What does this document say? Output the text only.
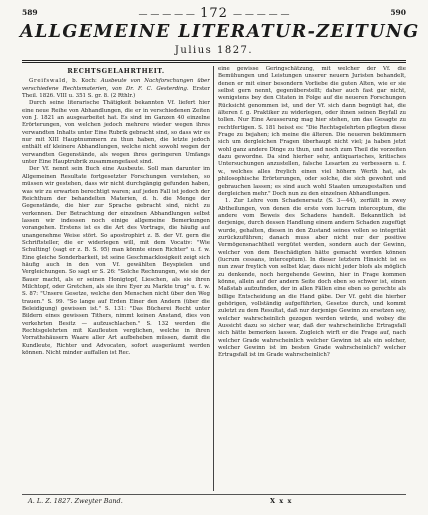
589	— — — — — 172 — — — — —	590
ALLGEMEINE LITERATUR-ZEITUNG
Julius 1827.
RECHTSGELAHRTHEIT.

Greifswald, b. Koch: Ausbeute von Nachforschungen über verschiedene Rechtsmaterien, von Dr. F. C. Gesterding. Erster Theil. 1826. VIII u. 351 S. gr. 8. (2 Rthlr.)

Durch seine literarische Thätigkeit bekannten Vf. liefert hier eine neue Reihe von Abhandlungen, die er in verschiedenen Zeiten von J. 1821 an ausgearbeitet hat. Es sind im Ganzen 40 einzelne Erörterungen, von welchen jedoch mehrere wieder wegen ihres verwandten Inhalts unter Eine Rubrik gebracht sind, so dass wir es nur mit XIII Hauptnummern zu thun haben, die letzte jedoch enthält elf kleinere Abhandlungen, welche nicht sowohl wegen der verwandten Gegenstände, als wegen ihres geringeren Umfangs unter Eine Hauptrubrik zusammengefasst sind.

Der Vf. nennt sein Buch eine Ausbeute. Soll man darunter im Allgemeinen Resultate fortgesetzter Forschungen verstehen, so müssen wir gestehen, dass wir nicht durchgängig gefunden haben, was wir zu erwarten berechtigt waren; auf jeden Fall ist jedoch der Reichthum der behandelten Materien, d. h. die Menge der Gegenstände, die hier zur Sprache gebracht sind, nicht zu verkennen. Der Betrachtung der einzelnen Abhandlungen selbst lassen wir indessen noch einige allgemeine Bemerkungen vorangehen. Erstens ist es die Art des Vortrags, die häufig auf unangenehme Weise stört. So apostrophirt z. B. der Vf. gern die Schriftsteller, die er widerlegen will, mit dem Vocativ: "Wie Schulting! (sagt er z. B. S. 95) man könnte einen Richter" u. f. w. Eine gleiche Sonderbarkeit, ist seine Geschmacklosigkeit zeigt sich häufig auch in den von Vf. gewählten Beyspielen und Vergleichungen. So sagt er S. 26: "Solche Rechnungen, wie sie der Bauer macht, als er seinen Honigtopf, Lieschen, als sie ihren Milchtopf, oder Gretchen, als sie ihre Eyer zu Markte trug" u. f. w. S. 87: "Unsere Gesetze, welche den Menschen nicht über den Weg trauen." S. 99. "So lange auf Erden Einer den Andern (über die Beleidigung) gewissen ist." S. 131: "Das Bücherei Recht unter Bildern eines gewissen Tithers, nimmt keinen Anstand, dies von verkehrten Besitz — aufzuschlachen." S. 132 werden die Rechtsgelehrten mit Kaufleuten verglichen, welche in ihren Vorrathshäusern Waare aller Art aufbeheben müssen, damit die Kundleute, Richter und Advocaten, sofort ausgeräumt werden können. Nicht minder auffallen ist Rec.

eine gewisse Geringschätzung, mit welcher der Vf. die Bemühungen und Leistungen unserer neuern Juristen behandelt, denen er mit einer besondern Vorliebe die guten Alten, wie er sie selbst gern nennt, gegenüberstellt; daher auch fast gar nicht, wenigstens bey den Citaten in Folge auf die neueren Forschungen Rücksicht genommen ist, und der Vf. sich dann begnügt hat, die älteren f. g. Praktiker zu widerlegen, oder ihnen seinen Beyfall zu tollen. Nur Eine Aeusserung mag hier stehen, um das Gesagte zu rechtfertigen. S. 181 heisst es: "Die Rechtsgelehrten pflegten diese Frage zu bejahen; ich meine die älteren. Die neueren bekümmern sich um dergleichen Fragen überhaupt nicht viel; ja haben jetzt wohl ganz andere Dinge zu thun, und noch zum Theil die vorzeiten dazu gewordne. Da sind hierher sehr, antiquarisches, kritisches Untersuchungen anzustellen, falsche Lesarten zu verbessern u. f. w., welches alles freylich einen viel höhern Werth hat, als philosophische Erörterungen, oder solche, die sich gewohnt und gebrauchen lassen; es sind auch wohl Staaten umzugestalten und dergleichen mehr." Doch nun zu den einzelnen Abhandlungen.

1. Zur Lehre vom Schadenersatz (S. 3—44), zerfällt in zwey Abtheilungen, von denen die erste vom lucrum interceptum, die andere vom Beweis des Schadens handelt. Bekanntlich ist derjenige, durch dessen Handlung einem andern Schaden zugefügt wurde, gehalten, diesen in den Zustand seines vollen so integritàt zurückzuführen; danach muss aber nicht nur der positive Vermögensnachtheil vergütet werden, sondern auch der Gewinn, welcher von dem Beschädigten hätte gemacht werden können (lucrum cessans, interceptum). In dieser letztern Hinsicht ist es nun zwar freylich von selbst klar, dass nicht jeder blofs als möglich zu denkende, noch hergehende Gewinn, hier in Frage kommen könne, allein auf der andern Seite doch eben so schwer ist, einen Maßstab aufzufinden, der in allen Fällen eine eben so gerechte als billige Entscheidung an die Hand gäbe. Der Vf. geht die hierher gehörigen, vollständig aufgeführten, Gesetze durch, und kommt zuletzt zu dem Resultat, daß nur derjenige Gewinn zu ersetzen sey, welcher wahrscheinlich gezogen werden würde, und wobey die Aussicht dazu so sicher war, daß der wahrscheinliche Ertragsfall sich hätte bemerken lassen. Zugleich wirft er die Frage auf, nach welcher Grade wahrscheinlich welcher Gewinn ist als ein solcher, welcher Gewinn ist im besten Grade wahrscheinlich? welcher Ertragsfall ist im Grade wahrscheinlich?

A. L. Z. 1827. Zweyter Band.	X x x
